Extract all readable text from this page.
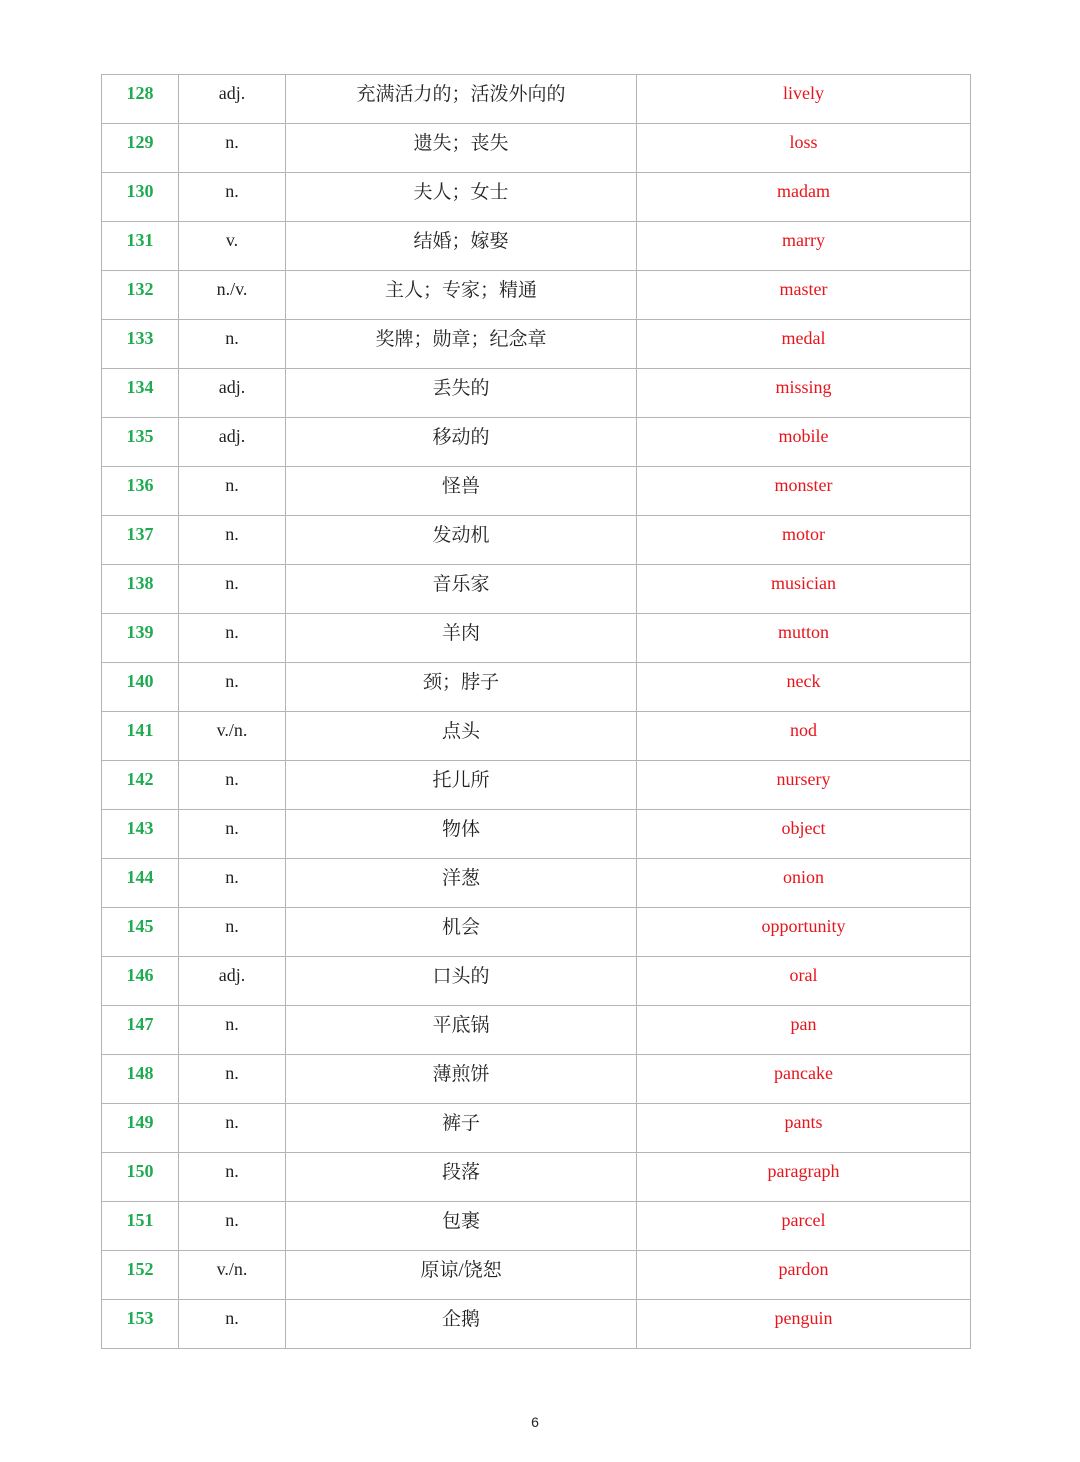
128	adj.	充满活力的；活泼外向的	lively

129	n.	遗失；丧失	loss

130	n.	夫人；女士	madam

131	v.	结婚；嫁娶	marry

132	n./v.	主人；专家；精通	master

133	n.	奖牌；勋章；纪念章	medal

134	adj.	丢失的	missing

135	adj.	移动的	mobile

136	n.	怪兽	monster

137	n.	发动机	motor

138	n.	音乐家	musician

139	n.	羊肉	mutton

140	n.	颈；脖子	neck

141	v./n.	点头	nod

142	n.	托儿所	nursery

143	n.	物体	object

144	n.	洋葱	onion

145	n.	机会	opportunity

146	adj.	口头的	oral

147	n.	平底锅	pan

148	n.	薄煎饼	pancake

149	n.	裤子	pants

150	n.	段落	paragraph

151	n.	包裹	parcel

152	v./n.	原谅/饶恕	pardon

153	n.	企鹅	penguin
6
